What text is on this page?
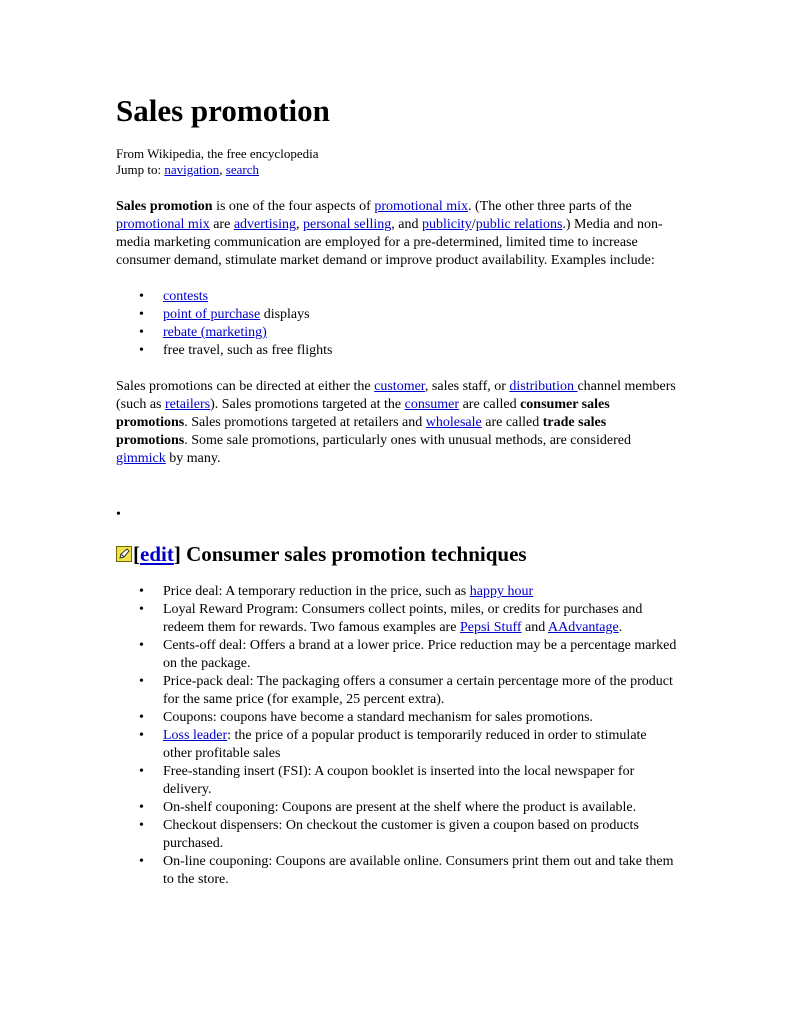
Sales promotion

From Wikipedia, the free encyclopedia

Jump to: navigation, search

Sales promotion is one of the four aspects of promotional mix. (The other three parts of the promotional mix are advertising, personal selling, and publicity/public relations.) Media and non-media marketing communication are employed for a pre-determined, limited time to increase consumer demand, stimulate market demand or improve product availability. Examples include:

• contests
• point of purchase displays
• rebate (marketing)
• free travel, such as free flights

Sales promotions can be directed at either the customer, sales staff, or distribution channel members (such as retailers). Sales promotions targeted at the consumer are called consumer sales promotions. Sales promotions targeted at retailers and wholesale are called trade sales promotions. Some sale promotions, particularly ones with unusual methods, are considered gimmick by many.

•
[ edit ] Consumer sales promotion techniques
• Price deal: A temporary reduction in the price, such as happy hour
• Loyal Reward Program: Consumers collect points, miles, or credits for purchases and redeem them for rewards. Two famous examples are Pepsi Stuff and AAdvantage.
• Cents-off deal: Offers a brand at a lower price. Price reduction may be a percentage marked on the package.
• Price-pack deal: The packaging offers a consumer a certain percentage more of the product for the same price (for example, 25 percent extra).
• Coupons: coupons have become a standard mechanism for sales promotions.
• Loss leader: the price of a popular product is temporarily reduced in order to stimulate other profitable sales
• Free-standing insert (FSI): A coupon booklet is inserted into the local newspaper for delivery.
• On-shelf couponing: Coupons are present at the shelf where the product is available.
• Checkout dispensers: On checkout the customer is given a coupon based on products purchased.
• On-line couponing: Coupons are available online. Consumers print them out and take them to the store.
